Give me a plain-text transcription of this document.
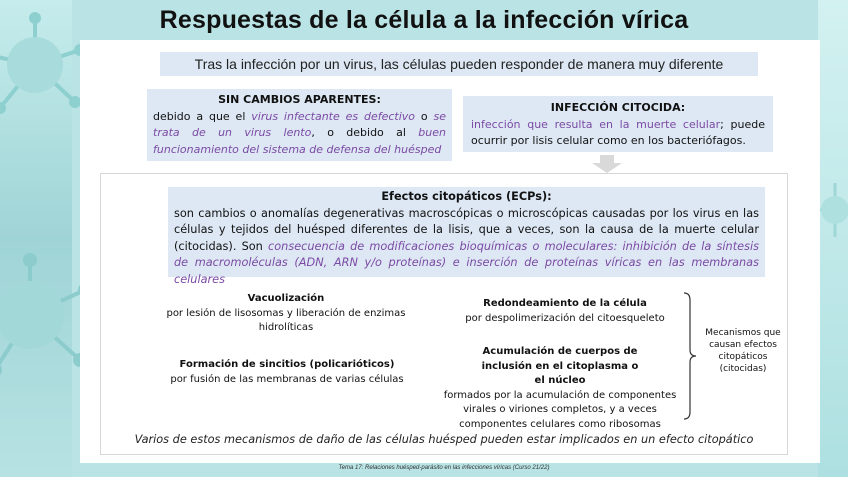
Respuestas de la célula a la infección vírica
Tras la infección por un virus, las células pueden responder de manera muy diferente
SIN CAMBIOS APARENTES:
debido a que el virus infectante es defectivo o se trata de un virus lento, o debido al buen funcionamiento del sistema de defensa del huésped
INFECCIÓN CITOCIDA:
infección que resulta en la muerte celular; puede ocurrir por lisis celular como en los bacteriófagos.
Efectos citopáticos (ECPs):
son cambios o anomalías degenerativas macroscópicas o microscópicas causadas por los virus en las células y tejidos del huésped diferentes de la lisis, que a veces, son la causa de la muerte celular (citocidas). Son consecuencia de modificaciones bioquímicas o moleculares: inhibición de la síntesis de macromoléculas (ADN, ARN y/o proteínas) e inserción de proteínas víricas en las membranas celulares
Vacuolización
por lesión de lisosomas y liberación de enzimas hidrolíticas
Formación de sincitios (policarióticos)
por fusión de las membranas de varias células
Redondeamiento de la célula
por despolimerización del citoesqueleto
Acumulación de cuerpos de inclusión en el citoplasma o el núcleo
formados por la acumulación de componentes virales o viriones completos, y a veces componentes celulares como ribosomas
Mecanismos que causan efectos citopáticos (citocidas)
Varios de estos mecanismos de daño de las células huésped pueden estar implicados en un efecto citopático
Tema 17: Relaciones huésped-parásito en las infecciones víricas (Curso 21/22)
